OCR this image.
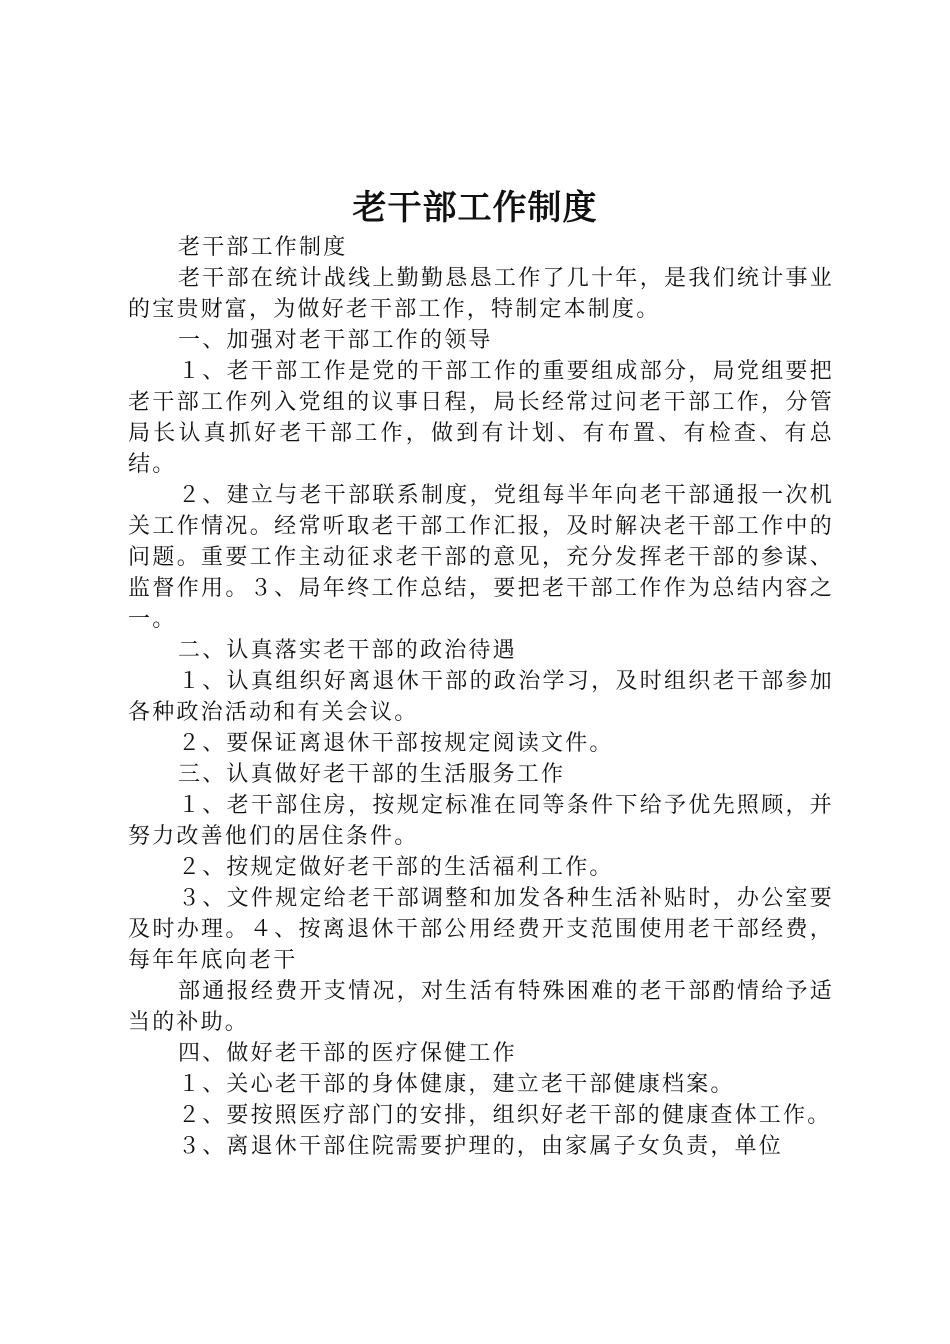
老干部工作制度

老干部工作制度

老干部在统计战线上勤勤恳恳工作了几十年，是我们统计事业的宝贵财富，为做好老干部工作，特制定本制度。

一、加强对老干部工作的领导

１、老干部工作是党的干部工作的重要组成部分，局党组要把老干部工作列入党组的议事日程，局长经常过问老干部工作，分管局长认真抓好老干部工作，做到有计划、有布置、有检查、有总结。

２、建立与老干部联系制度，党组每半年向老干部通报一次机关工作情况。经常听取老干部工作汇报，及时解决老干部工作中的问题。重要工作主动征求老干部的意见，充分发挥老干部的参谋、监督作用。３、局年终工作总结，要把老干部工作作为总结内容之一。

二、认真落实老干部的政治待遇

１、认真组织好离退休干部的政治学习，及时组织老干部参加各种政治活动和有关会议。

２、要保证离退休干部按规定阅读文件。

三、认真做好老干部的生活服务工作

１、老干部住房，按规定标准在同等条件下给予优先照顾，并努力改善他们的居住条件。

２、按规定做好老干部的生活福利工作。

３、文件规定给老干部调整和加发各种生活补贴时，办公室要及时办理。４、按离退休干部公用经费开支范围使用老干部经费，每年年底向老干

部通报经费开支情况，对生活有特殊困难的老干部酌情给予适当的补助。

四、做好老干部的医疗保健工作

１、关心老干部的身体健康，建立老干部健康档案。

２、要按照医疗部门的安排，组织好老干部的健康查体工作。

３、离退休干部住院需要护理的，由家属子女负责，单位
